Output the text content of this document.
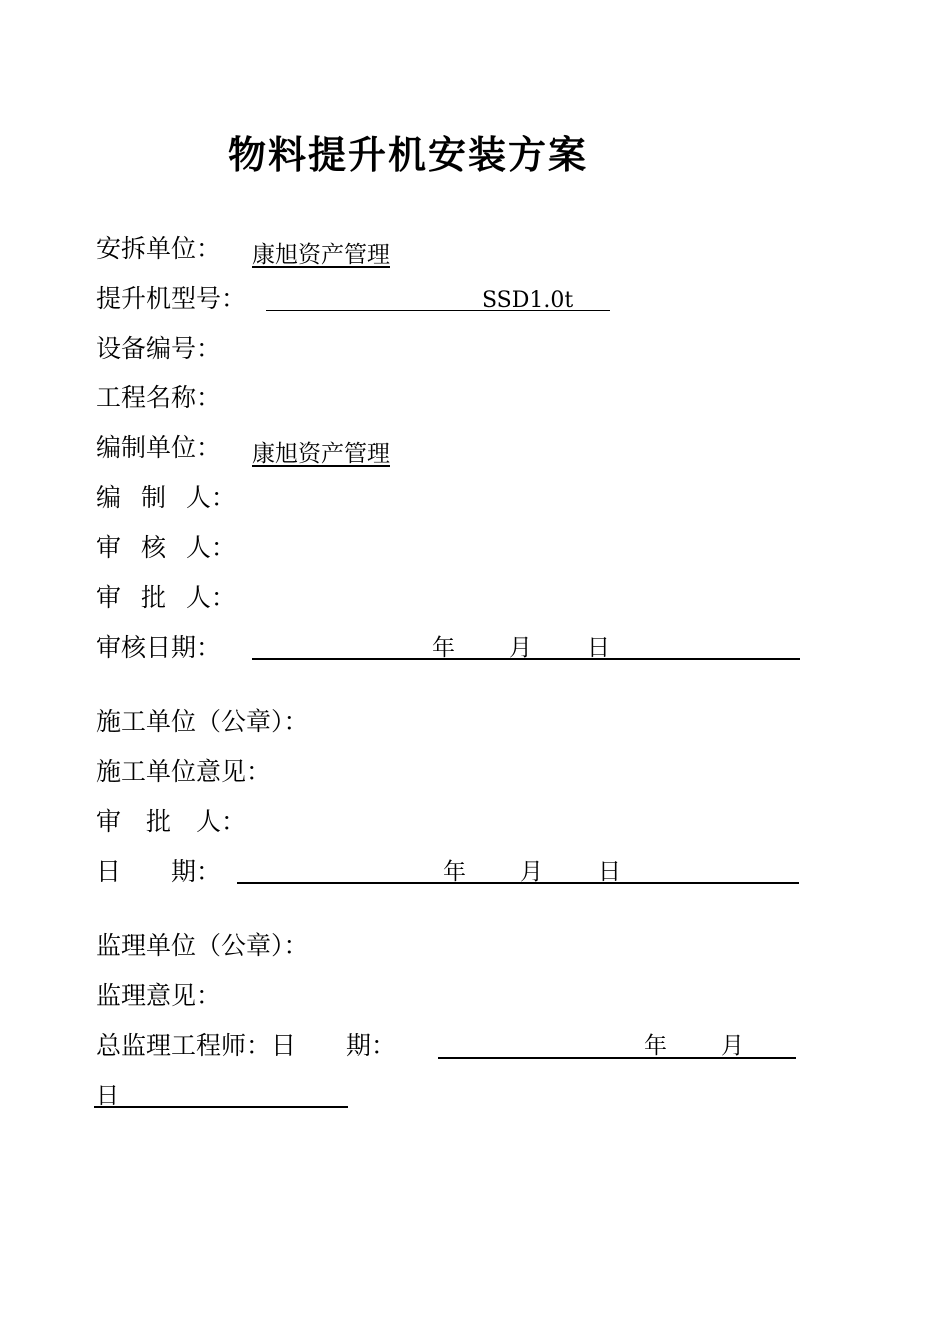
物料提升机安装方案
安拆单位： 康旭资产管理
提升机型号：	SSD1.0t
设备编号：
工程名称：
编制单位： 康旭资产管理
编 制 人：
审 核 人：
审 批 人：
审核日期：	年 月 日
施工单位（公章）：
施工单位意见：
审　批　人：
日　　期：	年 月 日
监理单位（公章）：
监理意见：
总监理工程师：日　　期：	年 月
日
